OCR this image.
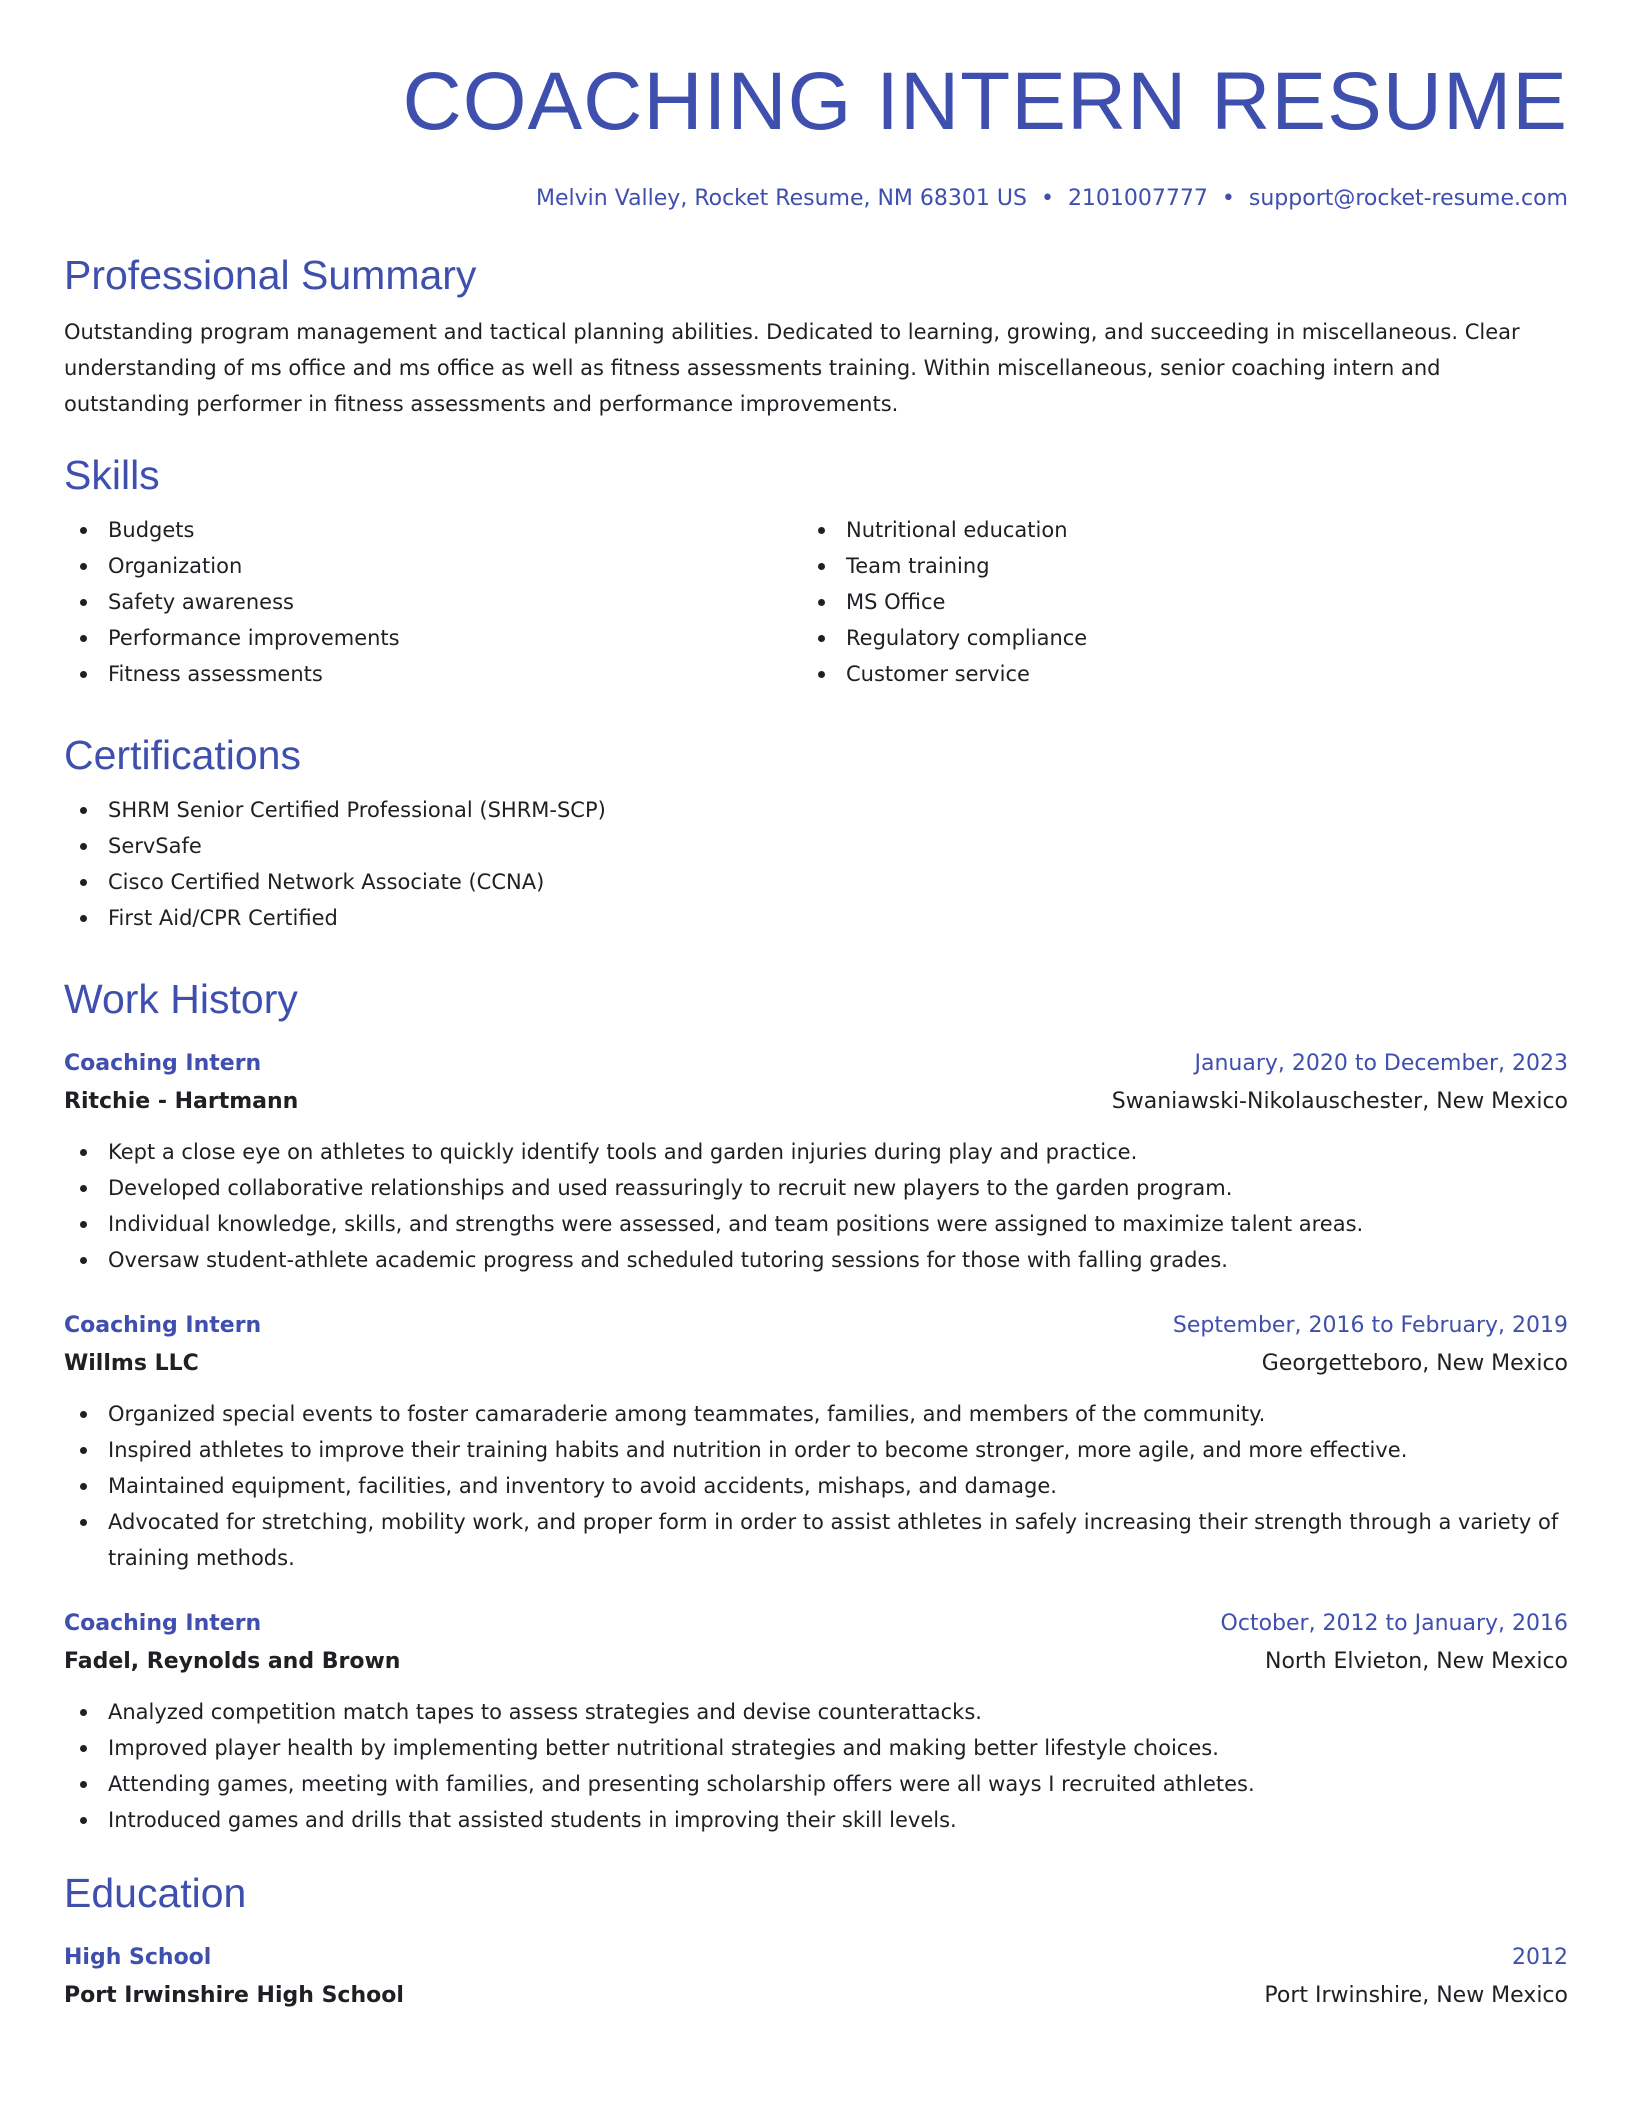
COACHING INTERN RESUME
Melvin Valley, Rocket Resume, NM 68301 US • 2101007777 • support@rocket-resume.com
Professional Summary

Outstanding program management and tactical planning abilities. Dedicated to learning, growing, and succeeding in miscellaneous. Clear understanding of ms office and ms office as well as fitness assessments training. Within miscellaneous, senior coaching intern and outstanding performer in fitness assessments and performance improvements.

Skills
Budgets
Organization
Safety awareness
Performance improvements
Fitness assessments
Nutritional education
Team training
MS Office
Regulatory compliance
Customer service
Certifications
SHRM Senior Certified Professional (SHRM-SCP)
ServSafe
Cisco Certified Network Associate (CCNA)
First Aid/CPR Certified
Work History
Coaching Intern	January, 2020 to December, 2023
Ritchie - Hartmann	Swaniawski-Nikolauschester, New Mexico
Kept a close eye on athletes to quickly identify tools and garden injuries during play and practice.
Developed collaborative relationships and used reassuringly to recruit new players to the garden program.
Individual knowledge, skills, and strengths were assessed, and team positions were assigned to maximize talent areas.
Oversaw student-athlete academic progress and scheduled tutoring sessions for those with falling grades.
Coaching Intern	September, 2016 to February, 2019
Willms LLC	Georgetteboro, New Mexico
Organized special events to foster camaraderie among teammates, families, and members of the community.
Inspired athletes to improve their training habits and nutrition in order to become stronger, more agile, and more effective.
Maintained equipment, facilities, and inventory to avoid accidents, mishaps, and damage.
Advocated for stretching, mobility work, and proper form in order to assist athletes in safely increasing their strength through a variety of training methods.
Coaching Intern	October, 2012 to January, 2016
Fadel, Reynolds and Brown	North Elvieton, New Mexico
Analyzed competition match tapes to assess strategies and devise counterattacks.
Improved player health by implementing better nutritional strategies and making better lifestyle choices.
Attending games, meeting with families, and presenting scholarship offers were all ways I recruited athletes.
Introduced games and drills that assisted students in improving their skill levels.
Education
High School	2012
Port Irwinshire High School	Port Irwinshire, New Mexico
